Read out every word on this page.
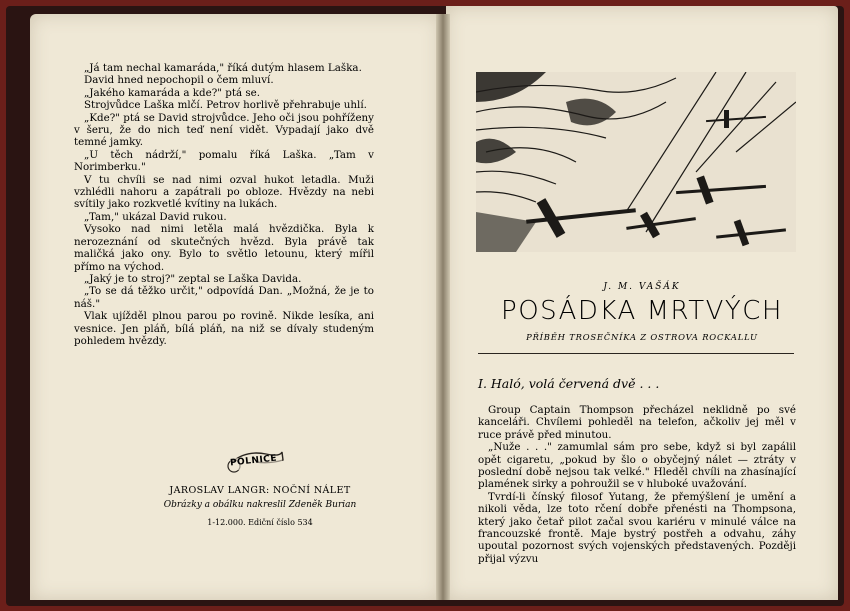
„Já tam nechal kamaráda," říká dutým hlasem Laška.

David hned nepochopil o čem mluví.

„Jakého kamaráda a kde?" ptá se.

Strojvůdce Laška mlčí. Petrov horlivě přehrabuje uhlí.

„Kde?" ptá se David strojvůdce. Jeho oči jsou pohříženy v šeru, že do nich teď není vidět. Vypadají jako dvě temné jamky.

„U těch nádrží," pomalu říká Laška. „Tam v Norimberku."

V tu chvíli se nad nimi ozval hukot letadla. Muži vzhlédli nahoru a zapátrali po obloze. Hvězdy na nebi svítily jako rozkvetlé kvítiny na lukách.

„Tam," ukázal David rukou.

Vysoko nad nimi letěla malá hvězdička. Byla k nerozeznání od skutečných hvězd. Byla právě tak maličká jako ony. Bylo to světlo letounu, který mířil přímo na východ.

„Jaký je to stroj?" zeptal se Laška Davida.

„To se dá těžko určit," odpovídá Dan. „Možná, že je to náš."

Vlak ujížděl plnou parou po rovině. Nikde lesíka, ani vesnice. Jen pláň, bílá pláň, na niž se dívaly studeným pohledem hvězdy.

POLNICE
JAROSLAV LANGR: NOČNÍ NÁLET
Obrázky a obálku nakreslil Zdeněk Burian
1-12.000. Ediční číslo 534
J. M. VAŠÁK
POSÁDKA MRTVÝCH
PŘÍBĚH TROSEČNÍKA Z OSTROVA ROCKALLU
I. Haló, volá červená dvě . . .

Group Captain Thompson přecházel neklidně po své kanceláři. Chvílemi pohleděl na telefon, ačkoliv jej měl v ruce právě před minutou.

„Nuže . . ." zamumlal sám pro sebe, když si byl zapálil opět cigaretu, „pokud by šlo o obyčejný nálet — ztráty v poslední době nejsou tak velké." Hleděl chvíli na zhasínající plamének sirky a pohroužil se v hluboké uvažování.

Tvrdí-li čínský filosof Yutang, že přemýšlení je umění a nikoli věda, lze toto rčení dobře přenésti na Thompsona, který jako četař pilot začal svou kariéru v minulé válce na francouzské frontě. Maje bystrý postřeh a odvahu, záhy upoutal pozornost svých vojenských představených. Později přijal výzvu
